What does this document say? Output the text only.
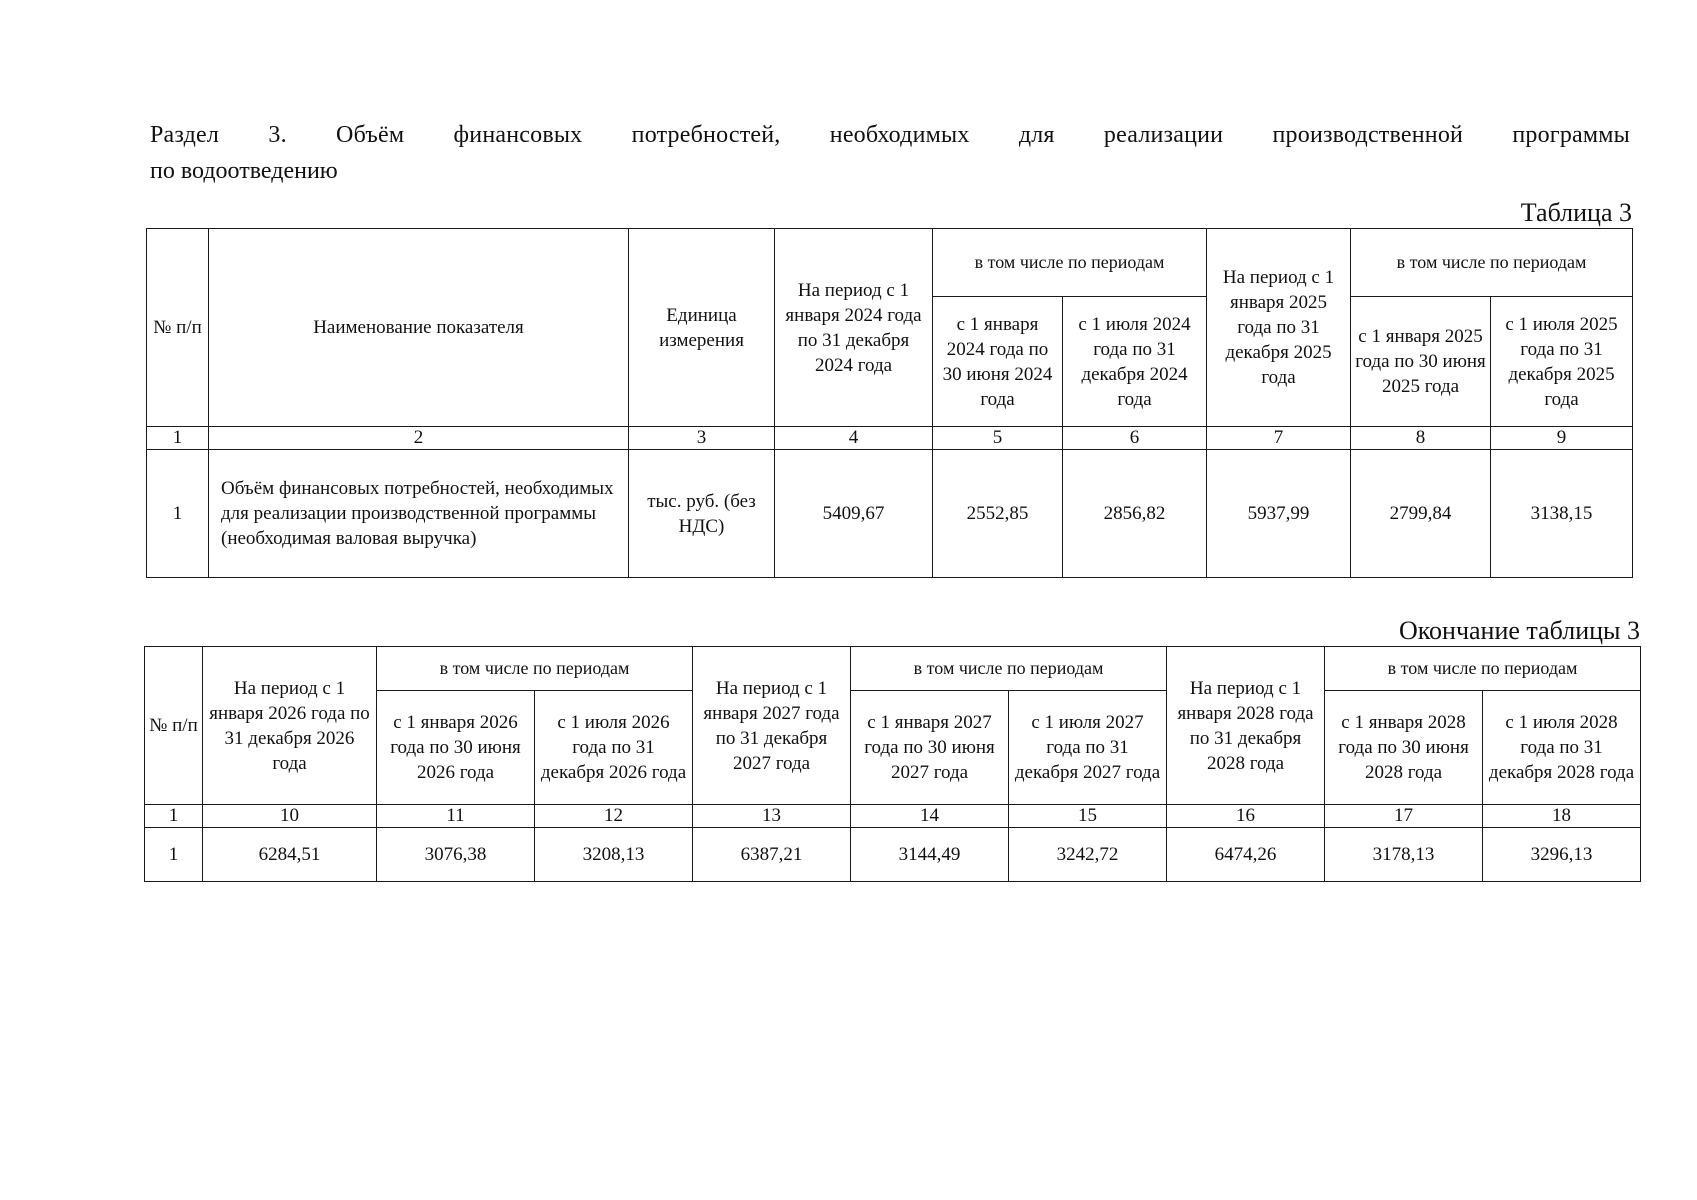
Раздел 3. Объём финансовых потребностей, необходимых для реализации производственной программы
по водоотведению
Таблица 3
№ п/п	Наименование показателя	Единица измерения	На период с 1 января 2024 года по 31 декабря 2024 года	в том числе по периодам		На период с 1 января 2025 года по 31 декабря 2025 года	в том числе по периодам	
				с 1 января 2024 года по 30 июня 2024 года	с 1 июля 2024 года по 31 декабря 2024 года		с 1 января 2025 года по 30 июня 2025 года	с 1 июля 2025 года по 31 декабря 2025 года
1	2	3	4	5	6	7	8	9
1	Объём финансовых потребностей, необходимых для реализации производственной программы (необходимая валовая выручка)	тыс. руб. (без НДС)	5409,67	2552,85	2856,82	5937,99	2799,84	3138,15
Окончание таблицы 3
№ п/п	На период с 1 января 2026 года по 31 декабря 2026 года	в том числе по периодам		На период с 1 января 2027 года по 31 декабря 2027 года	в том числе по периодам		На период с 1 января 2028 года по 31 декабря 2028 года	в том числе по периодам	
		с 1 января 2026 года по 30 июня 2026 года	с 1 июля 2026 года по 31 декабря 2026 года		с 1 января 2027 года по 30 июня 2027 года	с 1 июля 2027 года по 31 декабря 2027 года		с 1 января 2028 года по 30 июня 2028 года	с 1 июля 2028 года по 31 декабря 2028 года
1	10	11	12	13	14	15	16	17	18
1	6284,51	3076,38	3208,13	6387,21	3144,49	3242,72	6474,26	3178,13	3296,13
